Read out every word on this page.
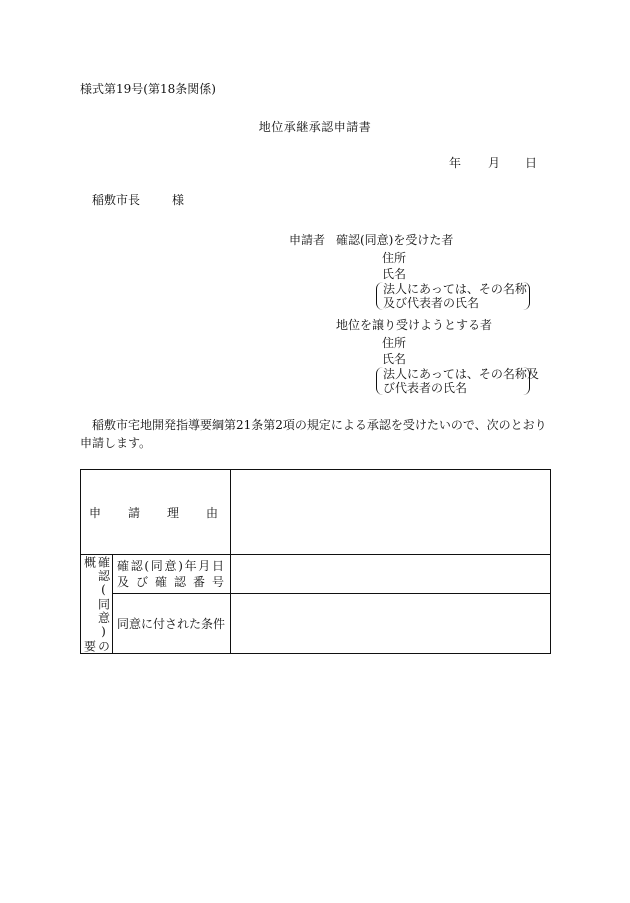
様式第19号(第18条関係)
地位承継承認申請書
年 月 日
稲敷市長	様
申請者 確認(同意)を受けた者
住所
氏名
法人にあっては、その名称
及び代表者の氏名
地位を譲り受けようとする者
住所
氏名
法人にあっては、その名称及
び代表者の氏名

稲敷市宅地開発指導要綱第21条第2項の規定による承認を受けたいので、次のとおり申請します。

申 請 理 由		

確認(同意)の概要	確認(同意)年月日
及び確認番号	

	同意に付された条件	
